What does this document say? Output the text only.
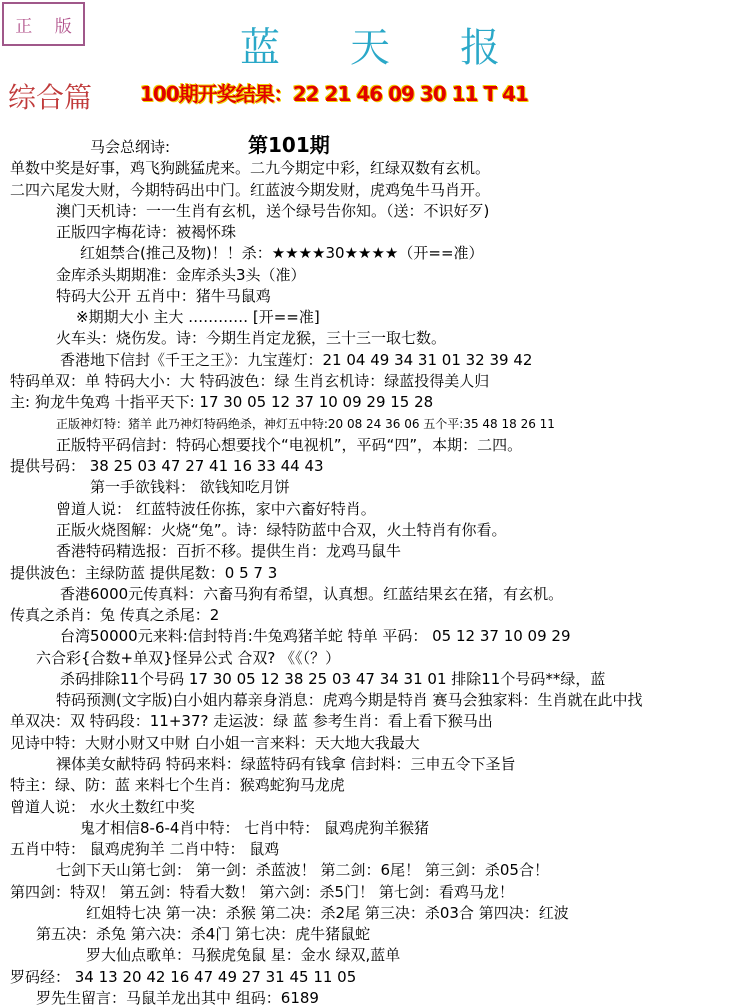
正 版	蓝 天 报
综合篇 100期开奖结果：22 21 46 09 30 11 T 41
第101期
马会总纲诗:
单数中奖是好事，鸡飞狗跳猛虎来。二九今期定中彩，红绿双数有玄机。
二四六尾发大财，今期特码出中门。红蓝波今期发财，虎鸡兔牛马肖开。
澳门天机诗：一一生肖有玄机，送个绿号告你知。（送：不识好歹)
正版四字梅花诗：被褐怀珠
红姐禁合(推己及物)！！杀：★★★★30★★★★（开==准）
金库杀头期期准：金库杀头3头（准）
特码大公开 五肖中：猪牛马鼠鸡
※期期大小 主大 ………… [开==准]
火车头：烧伤发。诗：今期生肖定龙猴，三十三一取七数。
香港地下信封《千王之王》：九宝莲灯：21 04 49 34 31 01 32 39 42
特码单双：单 特码大小：大 特码波色：绿 生肖玄机诗：绿蓝投得美人归
主: 狗龙牛兔鸡 十指平天下: 17 30 05 12 37 10 09 29 15 28
正版神灯特：猪羊 此乃神灯特码绝杀，神灯五中特:20 08 24 36 06 五个平:35 48 18 26 11
正版特平码信封：特码心想要找个“电视机”，平码“四”，本期：二四。
提供号码： 38 25 03 47 27 41 16 33 44 43
第一手欲钱料： 欲钱知吃月饼
曾道人说： 红蓝特波任你拣，家中六畜好特肖。
正版火烧图解：火烧“兔”。诗：绿特防蓝中合双，火土特肖有你看。
香港特码精选报：百折不移。提供生肖：龙鸡马鼠牛
提供波色：主绿防蓝 提供尾数：0 5 7 3
香港6000元传真料：六畜马狗有希望，认真想。红蓝结果玄在猪，有玄机。
传真之杀肖：兔 传真之杀尾：2
台湾50000元来料:信封特肖:牛兔鸡猪羊蛇 特单 平码： 05 12 37 10 09 29
六合彩{合数+单双}怪异公式 合双? 《《（？）
杀码排除11个号码 17 30 05 12 38 25 03 47 34 31 01 排除11个号码**绿，蓝
特码预测(文字版)白小姐内幕亲身消息：虎鸡今期是特肖 赛马会独家料：生肖就在此中找
单双决：双 特码段：11+37? 走运波：绿 蓝 参考生肖：看上看下猴马出
见诗中特：大财小财又中财 白小姐一言来料：天大地大我最大
裸体美女献特码 特码来料：绿蓝特码有钱拿 信封料：三申五令下圣旨
特主：绿、防：蓝 来料七个生肖：猴鸡蛇狗马龙虎
曾道人说： 水火土数红中奖
鬼才相信8-6-4肖中特： 七肖中特： 鼠鸡虎狗羊猴猪
五肖中特： 鼠鸡虎狗羊 二肖中特： 鼠鸡
七剑下天山第七剑： 第一剑：杀蓝波！ 第二剑：6尾！ 第三剑：杀05合！
第四剑：特双！ 第五剑：特看大数！ 第六剑：杀5门！ 第七剑：看鸡马龙！
红姐特七决 第一决：杀猴 第二决：杀2尾 第三决：杀03合 第四决：红波
第五决：杀兔 第六决：杀4门 第七决：虎牛猪鼠蛇
罗大仙点歌单：马猴虎兔鼠 星：金水 绿双,蓝单
罗码经： 34 13 20 42 16 47 49 27 31 45 11 05
罗先生留言：马鼠羊龙出其中 组码：6189
